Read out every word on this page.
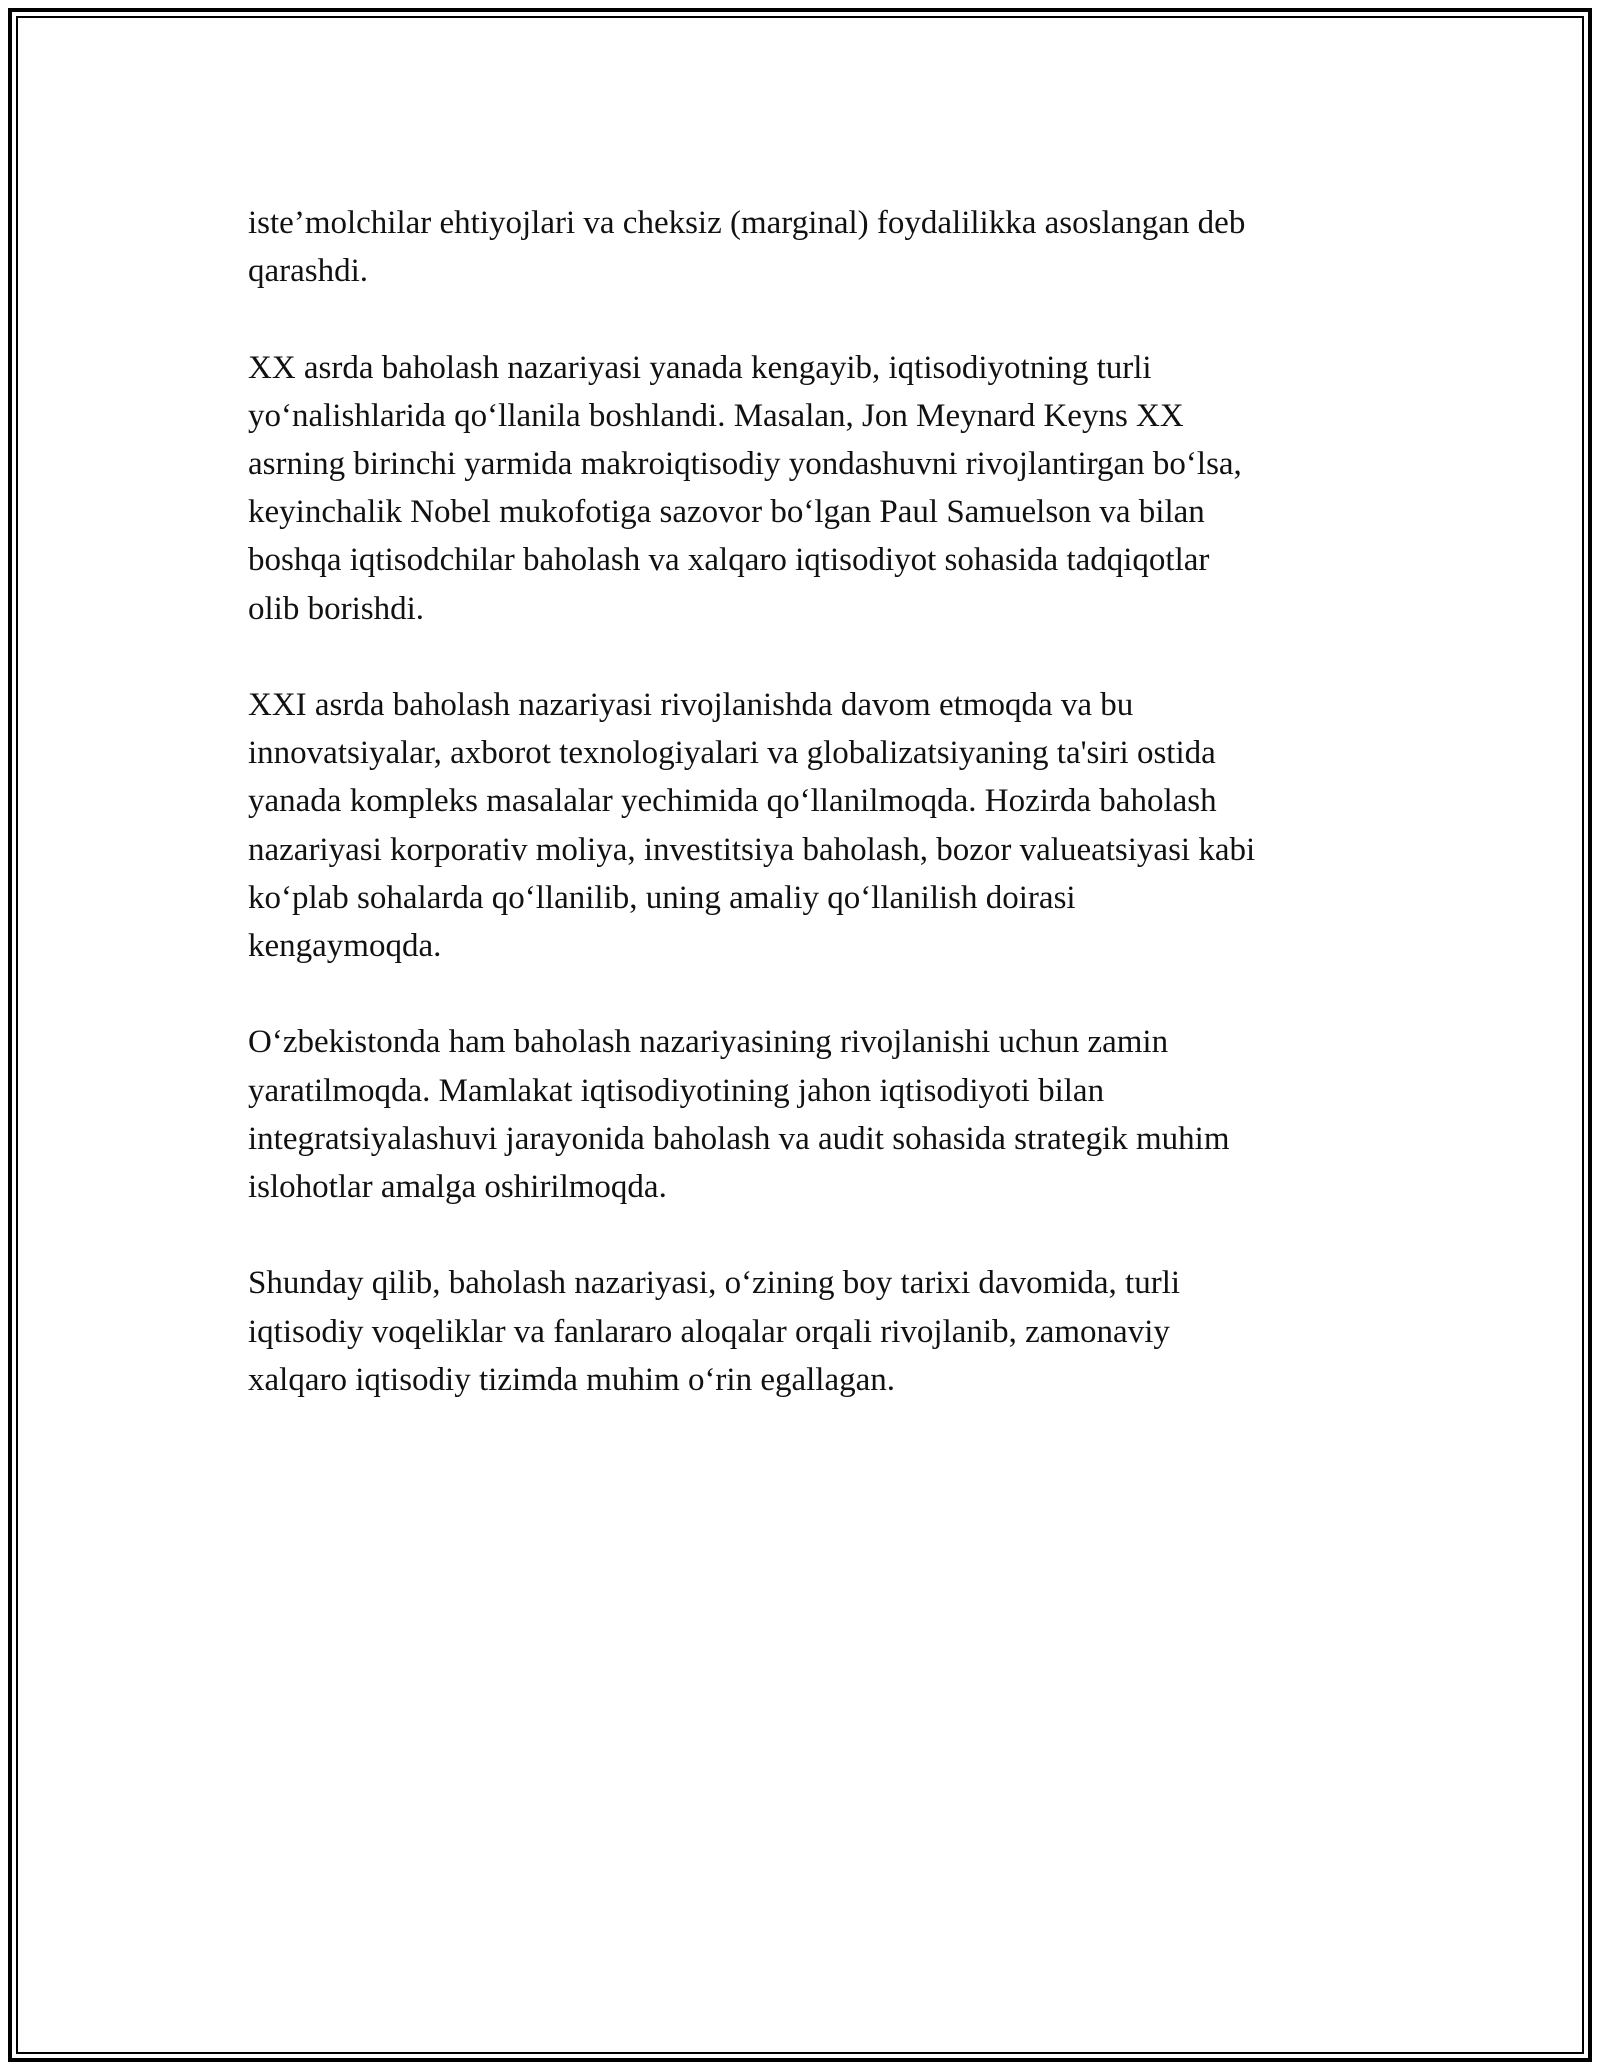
iste’molchilar ehtiyojlari va cheksiz (marginal) foydalilikka asoslangan deb
qarashdi.

XX asrda baholash nazariyasi yanada kengayib, iqtisodiyotning turli
yo‘nalishlarida qo‘llanila boshlandi. Masalan, Jon Meynard Keyns XX
asrning birinchi yarmida makroiqtisodiy yondashuvni rivojlantirgan bo‘lsa,
keyinchalik Nobel mukofotiga sazovor bo‘lgan Paul Samuelson va bilan
boshqa iqtisodchilar baholash va xalqaro iqtisodiyot sohasida tadqiqotlar
olib borishdi.

XXI asrda baholash nazariyasi rivojlanishda davom etmoqda va bu
innovatsiyalar, axborot texnologiyalari va globalizatsiyaning ta'siri ostida
yanada kompleks masalalar yechimida qo‘llanilmoqda. Hozirda baholash
nazariyasi korporativ moliya, investitsiya baholash, bozor valueatsiyasi kabi
ko‘plab sohalarda qo‘llanilib, uning amaliy qo‘llanilish doirasi
kengaymoqda.

O‘zbekistonda ham baholash nazariyasining rivojlanishi uchun zamin
yaratilmoqda. Mamlakat iqtisodiyotining jahon iqtisodiyoti bilan
integratsiyalashuvi jarayonida baholash va audit sohasida strategik muhim
islohotlar amalga oshirilmoqda.

Shunday qilib, baholash nazariyasi, o‘zining boy tarixi davomida, turli
iqtisodiy voqeliklar va fanlararo aloqalar orqali rivojlanib, zamonaviy
xalqaro iqtisodiy tizimda muhim o‘rin egallagan.
